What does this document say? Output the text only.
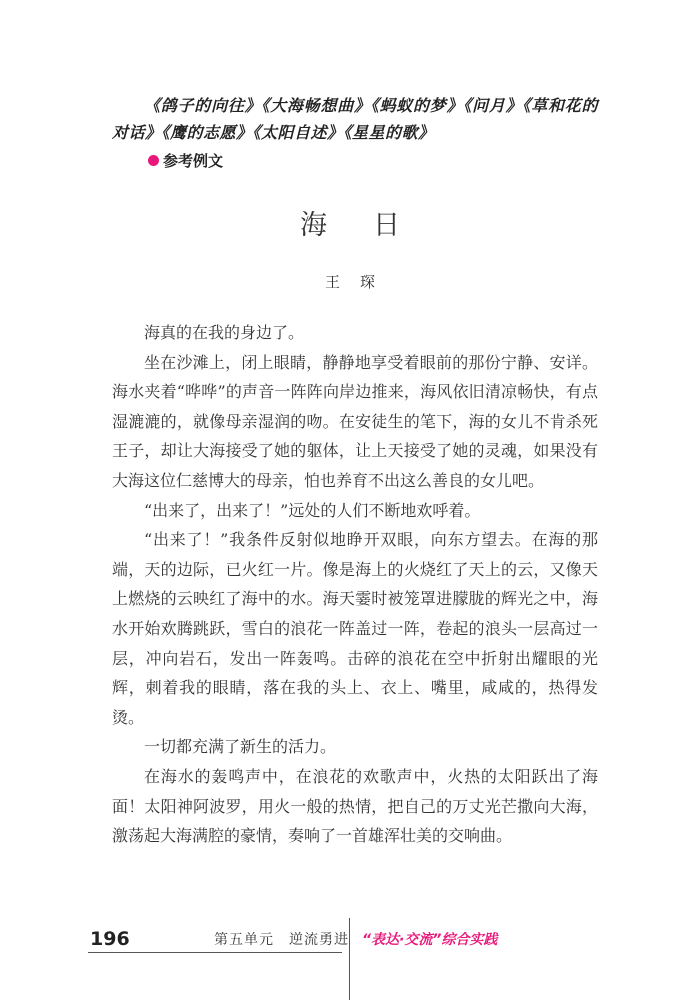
《鸽子的向往》《大海畅想曲》《蚂蚁的梦》《问月》《草和花的对话》《鹰的志愿》《太阳自述》《星星的歌》

参考例文
海日
王琛

海真的在我的身边了。

坐在沙滩上，闭上眼睛，静静地享受着眼前的那份宁静、安详。海水夹着“哗哗”的声音一阵阵向岸边推来，海风依旧清凉畅快，有点湿漉漉的，就像母亲湿润的吻。在安徒生的笔下，海的女儿不肯杀死王子，却让大海接受了她的躯体，让上天接受了她的灵魂，如果没有大海这位仁慈博大的母亲，怕也养育不出这么善良的女儿吧。

“出来了，出来了！”远处的人们不断地欢呼着。

“出来了！”我条件反射似地睁开双眼，向东方望去。在海的那端，天的边际，已火红一片。像是海上的火烧红了天上的云，又像天上燃烧的云映红了海中的水。海天霎时被笼罩进朦胧的辉光之中，海水开始欢腾跳跃，雪白的浪花一阵盖过一阵，卷起的浪头一层高过一层，冲向岩石，发出一阵轰鸣。击碎的浪花在空中折射出耀眼的光辉，刺着我的眼睛，落在我的头上、衣上、嘴里，咸咸的，热得发烫。

一切都充满了新生的活力。

在海水的轰鸣声中，在浪花的欢歌声中，火热的太阳跃出了海面！太阳神阿波罗，用火一般的热情，把自己的万丈光芒撒向大海，激荡起大海满腔的豪情，奏响了一首雄浑壮美的交响曲。

196	第五单元　逆流勇进 “表达·交流”综合实践
